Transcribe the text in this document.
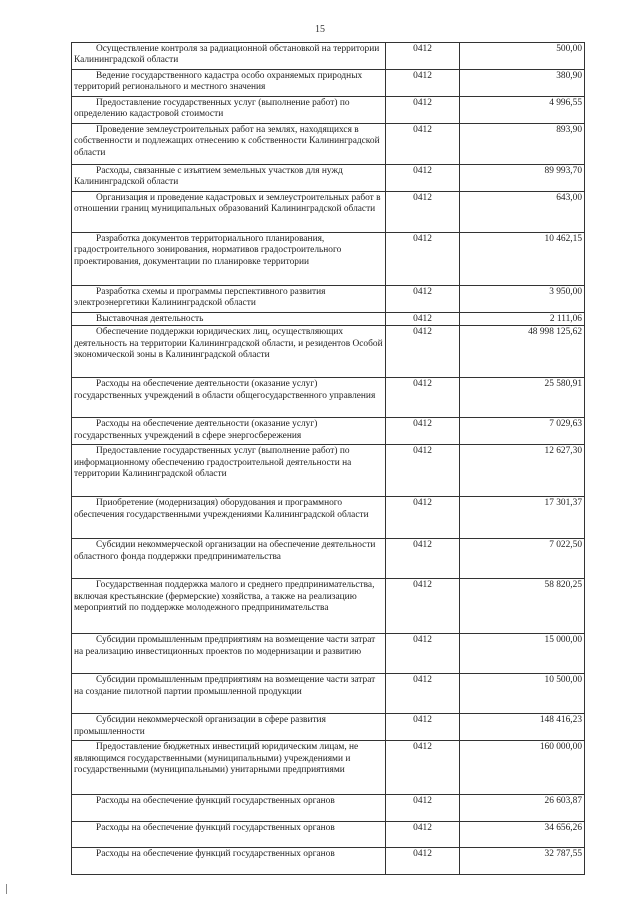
15
Осуществление контроля за радиационной обстановкой на территории Калининградской области	0412	500,00
Ведение государственного кадастра особо охраняемых природных территорий регионального и местного значения	0412	380,90
Предоставление государственных услуг (выполнение работ) по определению кадастровой стоимости	0412	4 996,55
Проведение землеустроительных работ на землях, находящихся в собственности и подлежащих отнесению к собственности Калининградской области	0412	893,90
Расходы, связанные с изъятием земельных участков для нужд Калининградской области	0412	89 993,70
Организация и проведение кадастровых и землеустроительных работ в отношении границ муниципальных образований Калининградской области	0412	643,00
Разработка документов территориального планирования, градостроительного зонирования, нормативов градостроительного проектирования, документации по планировке территории	0412	10 462,15
Разработка схемы и программы перспективного развития электроэнергетики Калининградской области	0412	3 950,00
Выставочная деятельность	0412	2 111,06
Обеспечение поддержки юридических лиц, осуществляющих деятельность на территории Калининградской области, и резидентов Особой экономической зоны в Калининградской области	0412	48 998 125,62
Расходы на обеспечение деятельности (оказание услуг) государственных учреждений в области общегосударственного управления	0412	25 580,91
Расходы на обеспечение деятельности (оказание услуг) государственных учреждений в сфере энергосбережения	0412	7 029,63
Предоставление государственных услуг (выполнение работ) по информационному обеспечению градостроительной деятельности на территории Калининградской области	0412	12 627,30
Приобретение (модернизация) оборудования и программного обеспечения государственными учреждениями Калининградской области	0412	17 301,37
Субсидии некоммерческой организации на обеспечение деятельности областного фонда поддержки предпринимательства	0412	7 022,50
Государственная поддержка малого и среднего предпринимательства, включая крестьянские (фермерские) хозяйства, а также на реализацию мероприятий по поддержке молодежного предпринимательства	0412	58 820,25
Субсидии промышленным предприятиям на возмещение части затрат на реализацию инвестиционных проектов по модернизации и развитию	0412	15 000,00
Субсидии промышленным предприятиям на возмещение части затрат на создание пилотной партии промышленной продукции	0412	10 500,00
Субсидии некоммерческой организации в сфере развития промышленности	0412	148 416,23
Предоставление бюджетных инвестиций юридическим лицам, не являющимся государственными (муниципальными) учреждениями и государственными (муниципальными) унитарными предприятиями	0412	160 000,00
Расходы на обеспечение функций государственных органов	0412	26 603,87
Расходы на обеспечение функций государственных органов	0412	34 656,26
Расходы на обеспечение функций государственных органов	0412	32 787,55
